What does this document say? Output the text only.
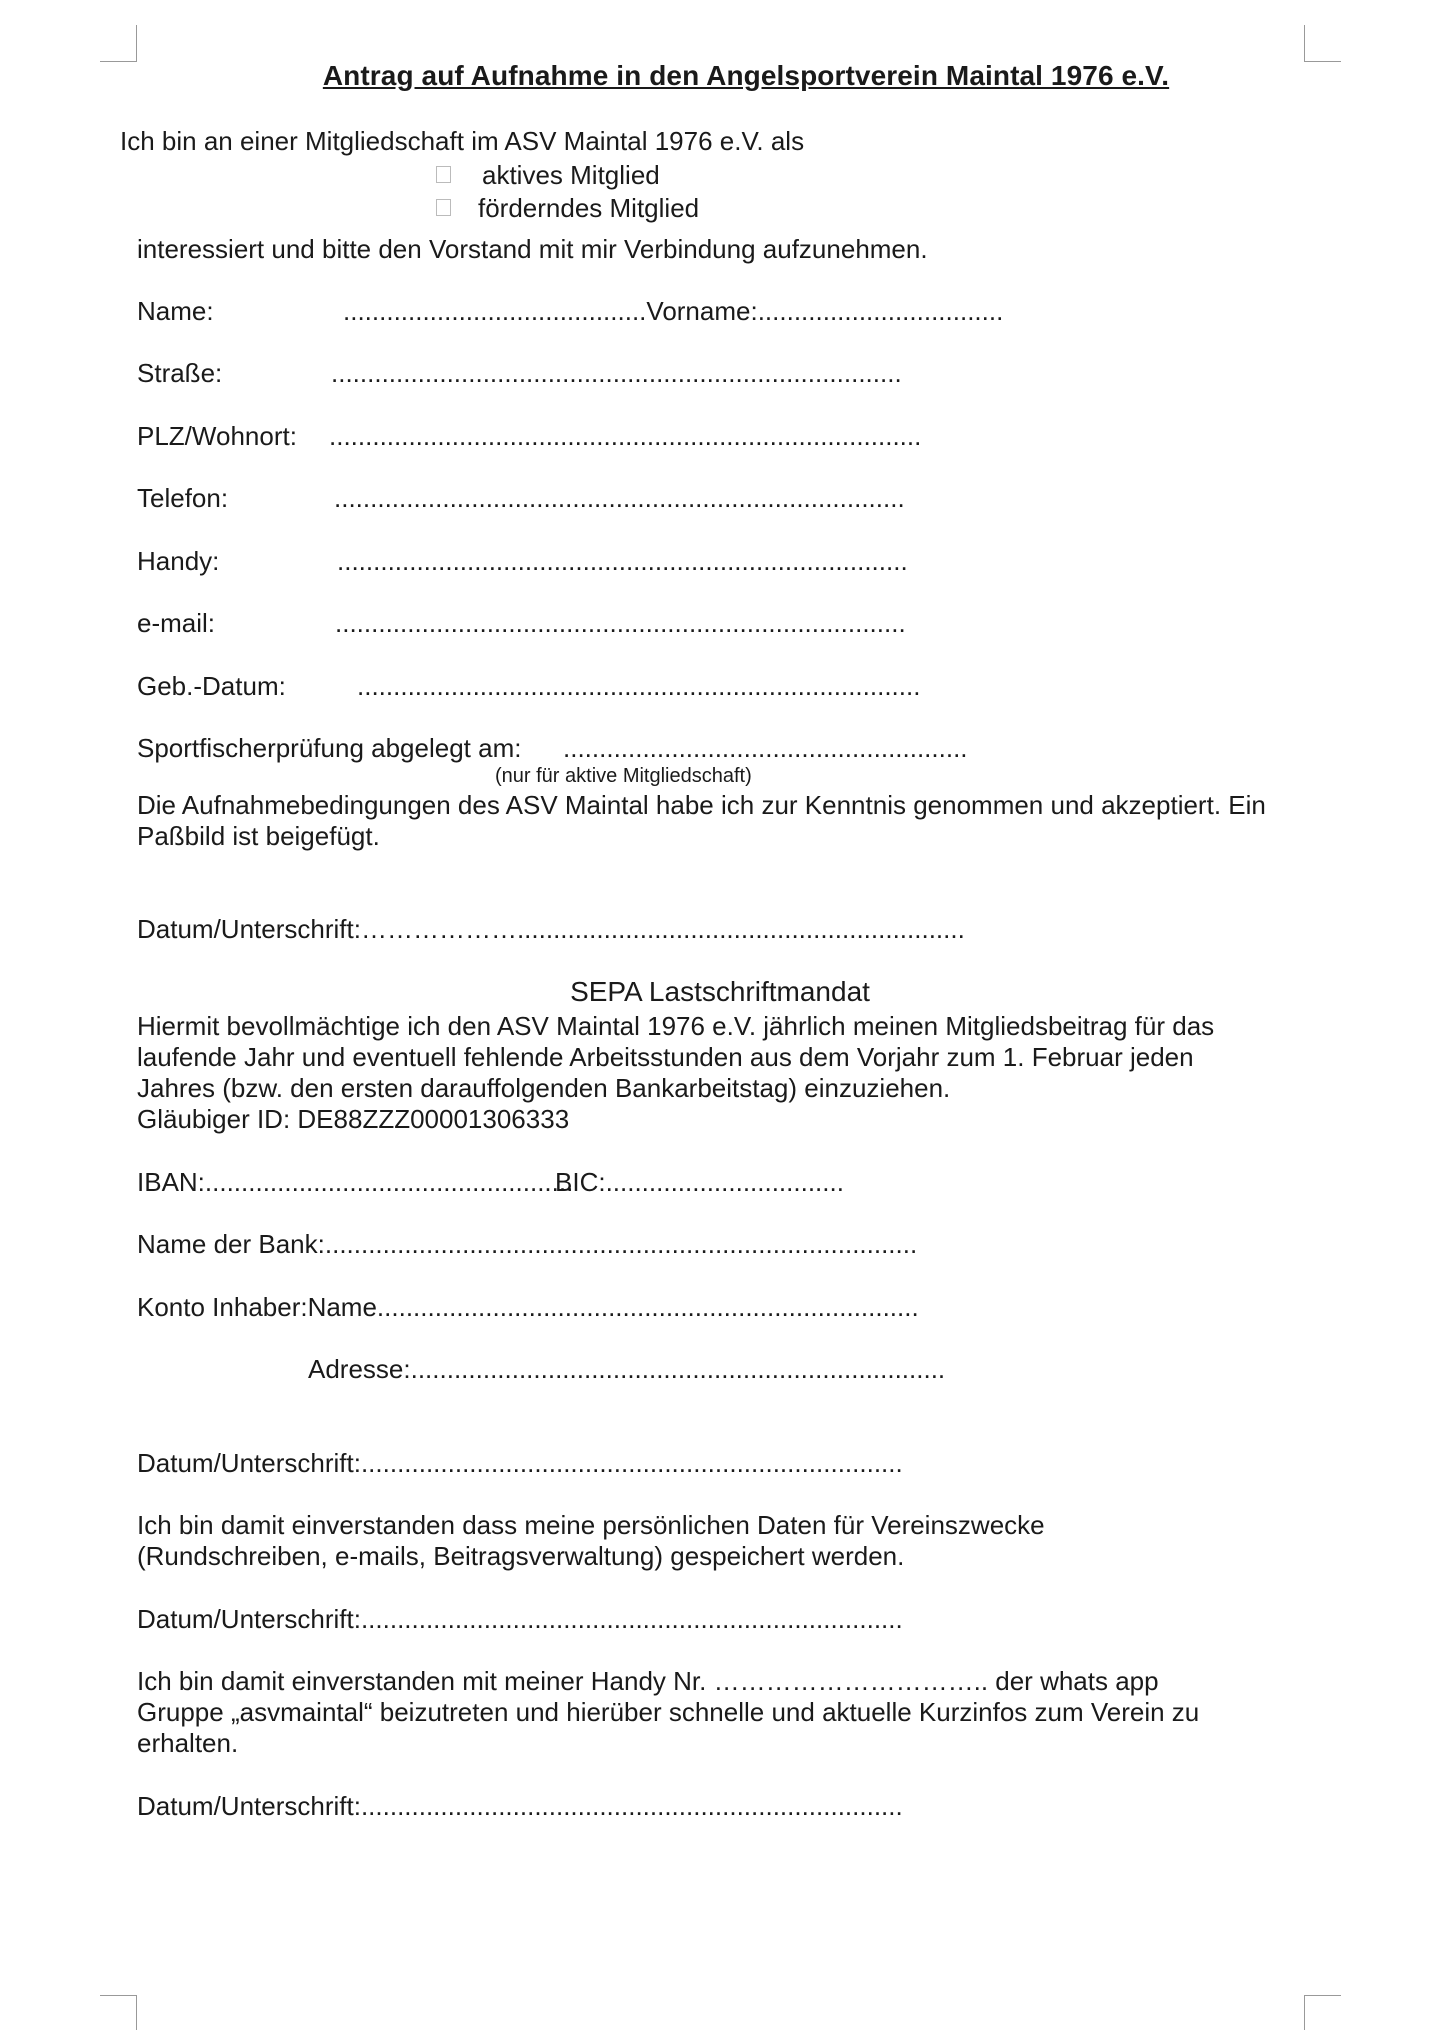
Antrag auf Aufnahme in den Angelsportverein Maintal 1976 e.V.
Ich bin an einer Mitgliedschaft im ASV Maintal 1976 e.V. als
aktives Mitglied
förderndes Mitglied
interessiert und bitte den Vorstand mit mir Verbindung aufzunehmen.
Name:	..........................................Vorname:..................................
Straße:	...............................................................................
PLZ/Wohnort: ..................................................................................
Telefon:	...............................................................................
Handy:	...............................................................................
e-mail:	...............................................................................
Geb.-Datum:	..............................................................................
Sportfischerprüfung abgelegt am: ........................................................
(nur für aktive Mitgliedschaft)
Die Aufnahmebedingungen des ASV Maintal habe ich zur Kenntnis genommen und akzeptiert. Ein
Paßbild ist beigefügt.
Datum/Unterschrift:………………..............................................................
SEPA Lastschriftmandat
Hiermit bevollmächtige ich den ASV Maintal 1976 e.V. jährlich meinen Mitgliedsbeitrag für das
laufende Jahr und eventuell fehlende Arbeitsstunden aus dem Vorjahr zum 1. Februar jeden
Jahres (bzw. den ersten darauffolgenden Bankarbeitstag) einzuziehen.
Gläubiger ID: DE88ZZZ00001306333
IBAN:...................................................
BIC:.................................
Name der Bank:..................................................................................
Konto Inhaber:Name...........................................................................
Adresse:..........................................................................
Datum/Unterschrift:...........................................................................
Ich bin damit einverstanden dass meine persönlichen Daten für Vereinszwecke
(Rundschreiben, e-mails, Beitragsverwaltung) gespeichert werden.
Datum/Unterschrift:...........................................................................
Ich bin damit einverstanden mit meiner Handy Nr. ………………………….. der whats app
Gruppe „asvmaintal“ beizutreten und hierüber schnelle und aktuelle Kurzinfos zum Verein zu
erhalten.
Datum/Unterschrift:...........................................................................
